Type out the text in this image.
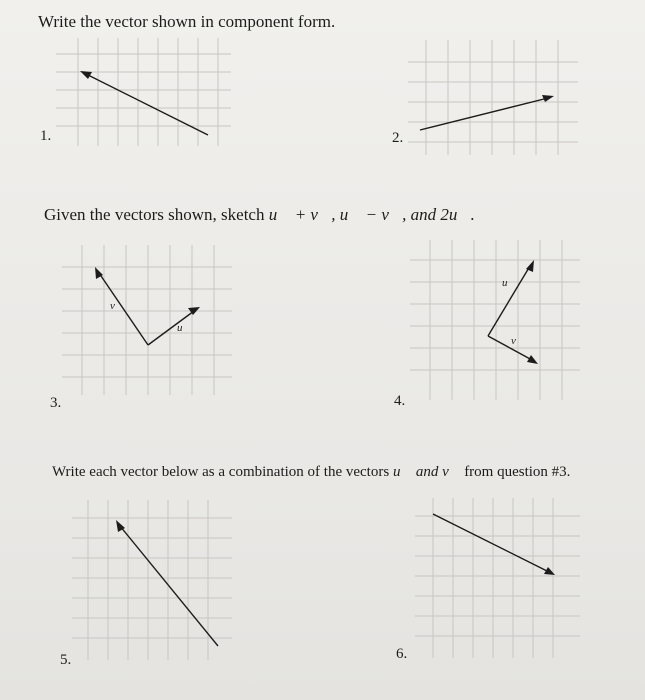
Write the vector shown in component form.
1.	2.
Given the vectors shown, sketch u⃗ + v⃗, u⃗ − v⃗, and 2u⃗.
v
u
3.
u
v
4.
Write each vector below as a combination of the vectors u⃗ and v⃗ from question #3.
5.	6.
